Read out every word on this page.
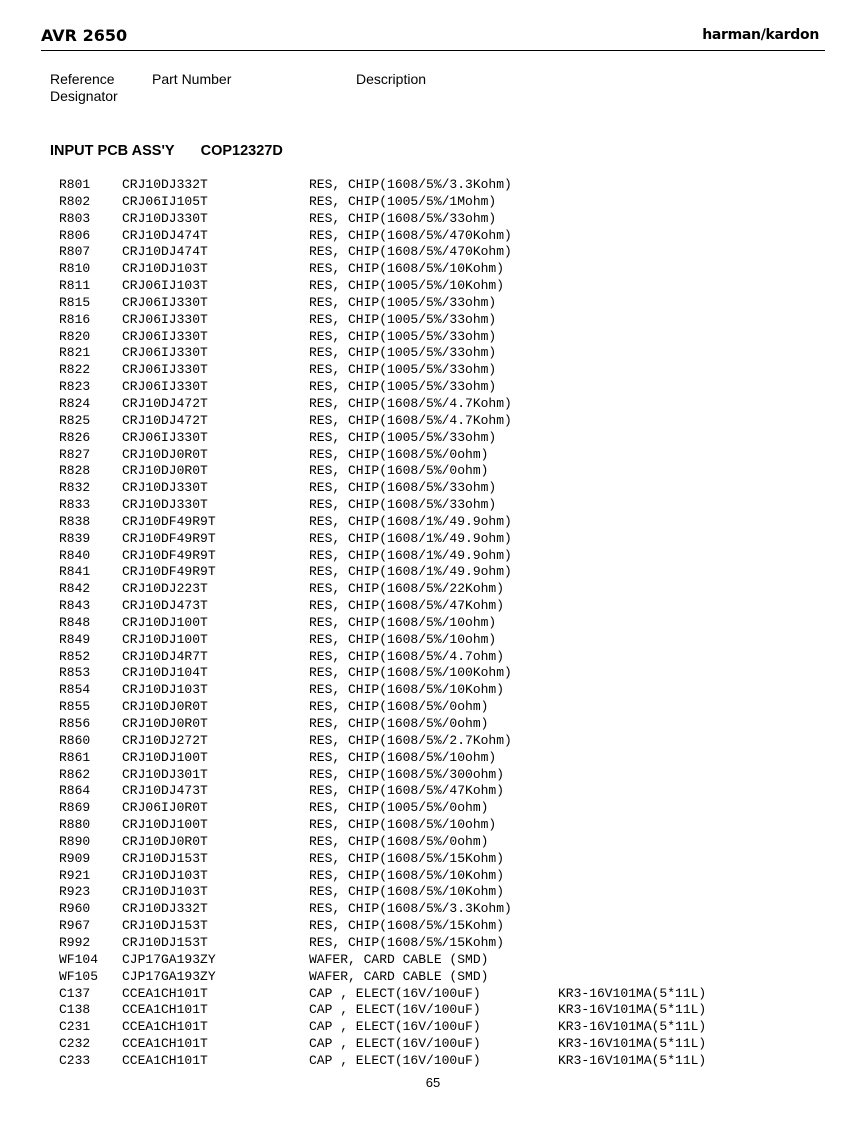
AVR 2650	harman/kardon
Reference
Designator
Part Number	Description
INPUT PCB ASS'Y COP12327D
R801 CRJ10DJ332T	RES, CHIP(1608/5%/3.3Kohm)
R802 CRJ06IJ105T	RES, CHIP(1005/5%/1Mohm)
R803 CRJ10DJ330T	RES, CHIP(1608/5%/33ohm)
R806 CRJ10DJ474T	RES, CHIP(1608/5%/470Kohm)
R807 CRJ10DJ474T	RES, CHIP(1608/5%/470Kohm)
R810 CRJ10DJ103T	RES, CHIP(1608/5%/10Kohm)
R811 CRJ06IJ103T	RES, CHIP(1005/5%/10Kohm)
R815 CRJ06IJ330T	RES, CHIP(1005/5%/33ohm)
R816 CRJ06IJ330T	RES, CHIP(1005/5%/33ohm)
R820 CRJ06IJ330T	RES, CHIP(1005/5%/33ohm)
R821 CRJ06IJ330T	RES, CHIP(1005/5%/33ohm)
R822 CRJ06IJ330T	RES, CHIP(1005/5%/33ohm)
R823 CRJ06IJ330T	RES, CHIP(1005/5%/33ohm)
R824 CRJ10DJ472T	RES, CHIP(1608/5%/4.7Kohm)
R825 CRJ10DJ472T	RES, CHIP(1608/5%/4.7Kohm)
R826 CRJ06IJ330T	RES, CHIP(1005/5%/33ohm)
R827 CRJ10DJ0R0T	RES, CHIP(1608/5%/0ohm)
R828 CRJ10DJ0R0T	RES, CHIP(1608/5%/0ohm)
R832 CRJ10DJ330T	RES, CHIP(1608/5%/33ohm)
R833 CRJ10DJ330T	RES, CHIP(1608/5%/33ohm)
R838 CRJ10DF49R9T	RES, CHIP(1608/1%/49.9ohm)
R839 CRJ10DF49R9T	RES, CHIP(1608/1%/49.9ohm)
R840 CRJ10DF49R9T	RES, CHIP(1608/1%/49.9ohm)
R841 CRJ10DF49R9T	RES, CHIP(1608/1%/49.9ohm)
R842 CRJ10DJ223T	RES, CHIP(1608/5%/22Kohm)
R843 CRJ10DJ473T	RES, CHIP(1608/5%/47Kohm)
R848 CRJ10DJ100T	RES, CHIP(1608/5%/10ohm)
R849 CRJ10DJ100T	RES, CHIP(1608/5%/10ohm)
R852 CRJ10DJ4R7T	RES, CHIP(1608/5%/4.7ohm)
R853 CRJ10DJ104T	RES, CHIP(1608/5%/100Kohm)
R854 CRJ10DJ103T	RES, CHIP(1608/5%/10Kohm)
R855 CRJ10DJ0R0T	RES, CHIP(1608/5%/0ohm)
R856 CRJ10DJ0R0T	RES, CHIP(1608/5%/0ohm)
R860 CRJ10DJ272T	RES, CHIP(1608/5%/2.7Kohm)
R861 CRJ10DJ100T	RES, CHIP(1608/5%/10ohm)
R862 CRJ10DJ301T	RES, CHIP(1608/5%/300ohm)
R864 CRJ10DJ473T	RES, CHIP(1608/5%/47Kohm)
R869 CRJ06IJ0R0T	RES, CHIP(1005/5%/0ohm)
R880 CRJ10DJ100T	RES, CHIP(1608/5%/10ohm)
R890 CRJ10DJ0R0T	RES, CHIP(1608/5%/0ohm)
R909 CRJ10DJ153T	RES, CHIP(1608/5%/15Kohm)
R921 CRJ10DJ103T	RES, CHIP(1608/5%/10Kohm)
R923 CRJ10DJ103T	RES, CHIP(1608/5%/10Kohm)
R960 CRJ10DJ332T	RES, CHIP(1608/5%/3.3Kohm)
R967 CRJ10DJ153T	RES, CHIP(1608/5%/15Kohm)
R992 CRJ10DJ153T	RES, CHIP(1608/5%/15Kohm)
WF104 CJP17GA193ZY	WAFER, CARD CABLE (SMD)
WF105 CJP17GA193ZY	WAFER, CARD CABLE (SMD)
C137 CCEA1CH101T	CAP , ELECT(16V/100uF)	KR3-16V101MA(5*11L)
C138 CCEA1CH101T	CAP , ELECT(16V/100uF)	KR3-16V101MA(5*11L)
C231 CCEA1CH101T	CAP , ELECT(16V/100uF)	KR3-16V101MA(5*11L)
C232 CCEA1CH101T	CAP , ELECT(16V/100uF)	KR3-16V101MA(5*11L)
C233 CCEA1CH101T	CAP , ELECT(16V/100uF)	KR3-16V101MA(5*11L)
65
